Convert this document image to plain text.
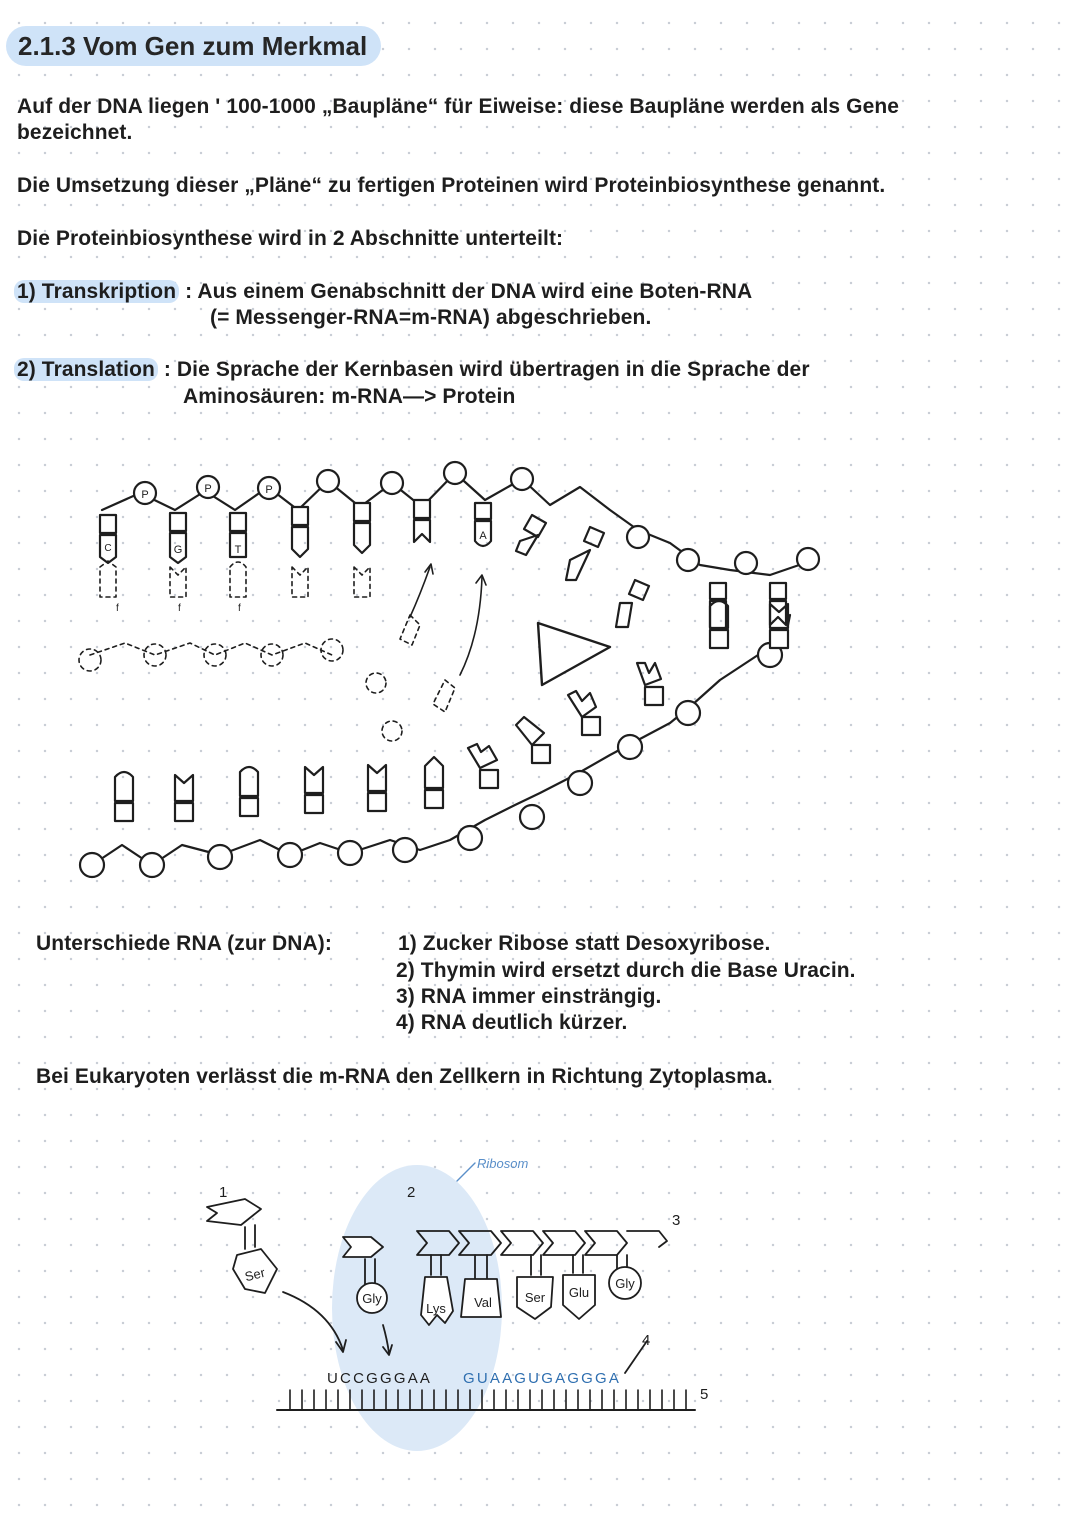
2.1.3 Vom Gen zum Merkmal
Auf der DNA liegen ' 100-1000 „Baupläne“ für Eiweise: diese Baupläne werden als Gene
bezeichnet.
Die Umsetzung dieser „Pläne“ zu fertigen Proteinen wird Proteinbiosynthese genannt.
Die Proteinbiosynthese wird in 2 Abschnitte unterteilt:
1) Transkription : Aus einem Genabschnitt der DNA wird eine Boten-RNA
(= Messenger-RNA=m-RNA) abgeschrieben.
2) Translation : Die Sprache der Kernbasen wird übertragen in die Sprache der
Aminosäuren: m-RNA—> Protein
P	P	P
C	G	T
A
f	f	f
Unterschiede RNA (zur DNA):	1) Zucker Ribose statt Desoxyribose.
2) Thymin wird ersetzt durch die Base Uracin.
3) RNA immer einsträngig.
4) RNA deutlich kürzer.
Bei Eukaryoten verlässt die m-RNA den Zellkern in Richtung Zytoplasma.
Ribosom
1	2
3
4
5
Ser
Gly
Lys Val	Ser Glu
Gly
UCCGGGAA GUAAGUGAGGGA
